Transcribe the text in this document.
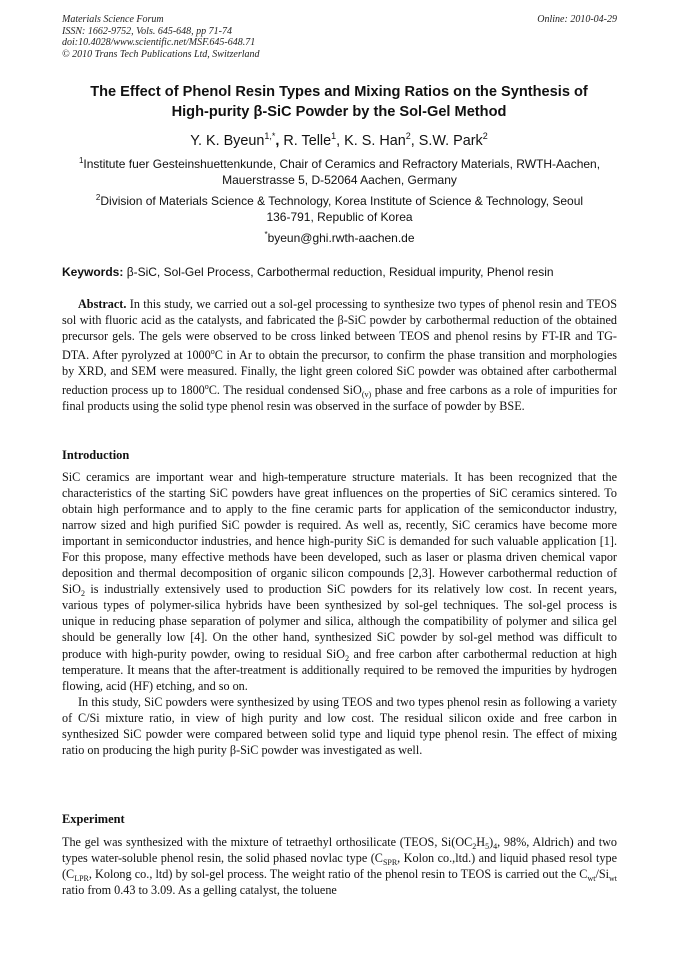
Materials Science Forum
ISSN: 1662-9752, Vols. 645-648, pp 71-74
doi:10.4028/www.scientific.net/MSF.645-648.71
© 2010 Trans Tech Publications Ltd, Switzerland
Online: 2010-04-29
The Effect of Phenol Resin Types and Mixing Ratios on the Synthesis of
High-purity β-SiC Powder by the Sol-Gel Method
Y. K. Byeun$^{1,*}$, R. Telle$^1$, K. S. Han$^2$, S.W. Park$^2$
$^1$Institute fuer Gesteinshuettenkunde, Chair of Ceramics and Refractory Materials, RWTH-Aachen,
Mauerstrasse 5, D-52064 Aachen, Germany
$^2$Division of Materials Science & Technology, Korea Institute of Science & Technology, Seoul
136-791, Republic of Korea
*byeun@ghi.rwth-aachen.de
Keywords: β-SiC, Sol-Gel Process, Carbothermal reduction, Residual impurity, Phenol resin

Abstract. In this study, we carried out a sol-gel processing to synthesize two types of phenol resin and TEOS sol with fluoric acid as the catalysts, and fabricated the β-SiC powder by carbothermal reduction of the obtained precursor gels. The gels were observed to be cross linked between TEOS and phenol resins by FT-IR and TG-DTA. After pyrolyzed at 1000$^o$C in Ar to obtain the precursor, to confirm the phase transition and morphologies by XRD, and SEM were measured. Finally, the light green colored SiC powder was obtained after carbothermal reduction process up to 1800$^o$C. The residual condensed SiO$_{(v)}$ phase and free carbons as a role of impurities for final products using the solid type phenol resin was observed in the surface of powder by BSE.

Introduction

SiC ceramics are important wear and high-temperature structure materials. It has been recognized that the characteristics of the starting SiC powders have great influences on the properties of SiC ceramics sintered. To obtain high performance and to apply to the fine ceramic parts for application of the semiconductor industry, narrow sized and high purified SiC powder is required. As well as, recently, SiC ceramics have become more important in semiconductor industries, and hence high-purity SiC is demanded for such valuable application [1]. For this propose, many effective methods have been developed, such as laser or plasma driven chemical vapor deposition and thermal decomposition of organic silicon compounds [2,3]. However carbothermal reduction of SiO$_2$ is industrially extensively used to production SiC powders for its relatively low cost. In recent years, various types of polymer-silica hybrids have been synthesized by sol-gel techniques. The sol-gel process is unique in reducing phase separation of polymer and silica, although the compatibility of polymer and silica gel should be generally low [4]. On the other hand, synthesized SiC powder by sol-gel method was difficult to produce with high-purity powder, owing to residual SiO$_2$ and free carbon after carbothermal reduction at high temperature. It means that the after-treatment is additionally required to be removed the impurities by hydrogen flowing, acid (HF) etching, and so on.

In this study, SiC powders were synthesized by using TEOS and two types phenol resin as following a variety of C/Si mixture ratio, in view of high purity and low cost. The residual silicon oxide and free carbon in synthesized SiC powder were compared between solid type and liquid type phenol resin. The effect of mixing ratio on producing the high purity β-SiC powder was investigated as well.

Experiment

The gel was synthesized with the mixture of tetraethyl orthosilicate (TEOS, $Si(OC_2H_5)_4$, 98%, Aldrich) and two types water-soluble phenol resin, the solid phased novlac type ($C_{SPR}$, Kolon co.,ltd.) and liquid phased resol type ($C_{LPR}$, Kolong co., ltd) by sol-gel process. The weight ratio of the phenol resin to TEOS is carried out the $C_{wt}/Si_{wt}$ ratio from 0.43 to 3.09. As a gelling catalyst, the toluene
